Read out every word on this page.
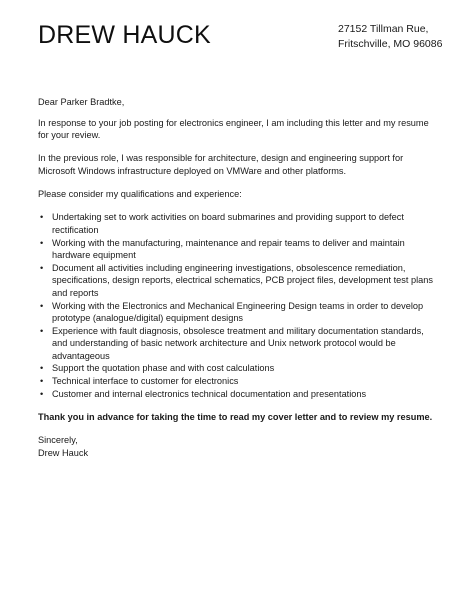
DREW HAUCK	27152 Tillman Rue,
Fritschville, MO 96086

Dear Parker Bradtke,

In response to your job posting for electronics engineer, I am including this letter and my resume for your review.

In the previous role, I was responsible for architecture, design and engineering support for Microsoft Windows infrastructure deployed on VMWare and other platforms.

Please consider my qualifications and experience:

• Undertaking set to work activities on board submarines and providing support to defect rectification
• Working with the manufacturing, maintenance and repair teams to deliver and maintain hardware equipment
• Document all activities including engineering investigations, obsolescence remediation, specifications, design reports, electrical schematics, PCB project files, development test plans and reports
• Working with the Electronics and Mechanical Engineering Design teams in order to develop prototype (analogue/digital) equipment designs
• Experience with fault diagnosis, obsolesce treatment and military documentation standards, and understanding of basic network architecture and Unix network protocol would be advantageous
• Support the quotation phase and with cost calculations
• Technical interface to customer for electronics
• Customer and internal electronics technical documentation and presentations

Thank you in advance for taking the time to read my cover letter and to review my resume.

Sincerely,
Drew Hauck
